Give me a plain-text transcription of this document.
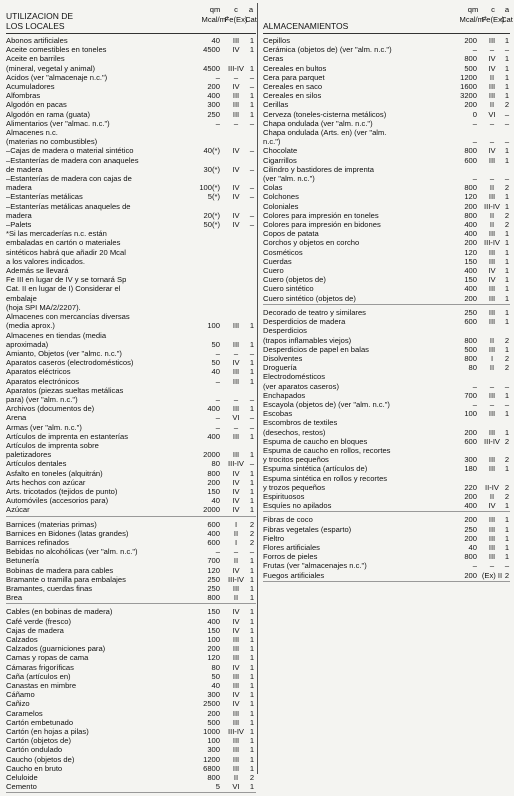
UTILIZACION DE
LOS LOCALES
qm
Mcal/m²
c
Fe(Ex)
a
Cat
Abonos artificiales	40	III	1
Aceite comestibles en toneles	4500	IV	1
Aceite en barriles
(mineral, vegetal y animal)	4500	III-IV 1
Acidos (ver "almacenaje n.c.")	–	–	–
Acumuladores	200	IV	–
Alfombras	400	III	1
Algodón en pacas	300	III	1
Algodón en rama (guata)	250	III	1
Alimentarios (ver "almac. n.c.")	–	–	–
Almacenes n.c.
(materias no combustibles)
–Cajas de madera o material sintético	40(*)	IV	–
–Estanterías de madera con anaqueles
de madera	30(*)	IV	–
–Estanterías de madera con cajas de
madera	100(*)	IV	–
–Estanterías metálicas	5(*)	IV	–
–Estanterías metálicas anaqueles de
madera	20(*)	IV	–
–Palets	50(*)	IV	–
*Si las mercaderías n.c. están
embaladas en cartón o materiales
sintéticos habrá que añadir 20 Mcal
a los valores indicados.
Además se llevará
Fe III en lugar de IV y se tornará Sp
Cat. II en lugar de I) Considerar el
embalaje
(hoja SPI MA/2/2207).
Almacenes con mercancías diversas
(media aprox.)	100	III	1
Almacenes en tiendas (media
aproximada)	50	III	1
Amianto, Objetos (ver "almc. n.c.")	–	–	–
Aparatos caseros (electrodomésticos)	50	IV	1
Aparatos eléctricos	40	III	1
Aparatos electrónicos	–	III	1
Aparatos (piezas sueltas metálicas
para) (ver "alm. n.c.")	–	–	–
Archivos (documentos de)	400	III	1
Arena	–	VI	–
Armas (ver "alm. n.c.")	–	–	–
Artículos de imprenta en estanterías	400	III	1
Artículos de imprenta sobre
paletizadores	2000	III	1
Artículos dentales	80	III-IV –
Asfalto en toneles (alquitrán)	800	IV	1
Arts hechos con azúcar	200	IV	1
Arts. tricotados (tejidos de punto)	150	IV	1
Automóviles (accesorios para)	40	IV	1
Azúcar	2000	IV	1
Barnices (materias primas)	600	I	2
Barnices en Bidones (latas grandes)	400	II	2
Barnices refinados	600	I	2
Bebidas no alcohólicas (ver "alm. n.c.")	–	–	–
Betunería	700	II	1
Bobinas de madera para cables	120	IV	1
Bramante o tramilla para embalajes	250	III-IV 1
Bramantes, cuerdas finas	250	III	1
Brea	800	II	1
Cables (en bobinas de madera)	150	IV	1
Café verde (fresco)	400	IV	1
Cajas de madera	150	IV	1
Calzados	100	III	1
Calzados (guarniciones para)	200	III	1
Camas y ropas de cama	120	III	1
Cámaras frigoríficas	80	IV	1
Caña (artículos en)	50	III	1
Canastas en mimbre	40	III	1
Cáñamo	300	IV	1
Cañizo	2500	IV	1
Caramelos	200	III	1
Cartón embetunado	500	III	1
Cartón (en hojas a pilas)	1000	III-IV 1
Cartón (objetos de)	100	III	1
Cartón ondulado	300	III	1
Caucho (objetos de)	1200	III	1
Caucho en bruto	6800	III	1
Celuloide	800	II	2
Cemento	5	VI	1
ALMACENAMIENTOS
qm
Mcal/m²
c
Fe(Ex)
a
Cat
Cepillos	200	III	1
Cerámica (objetos de) (ver "alm. n.c.")	–	–	–
Ceras	800	IV	1
Cereales en bultos	500	IV	1
Cera para parquet	1200	II	1
Cereales en saco	1600	III	1
Cereales en silos	3200	III	1
Cerillas	200	II	2
Cerveza (toneles-cisterna metálicos)	0	VI	–
Chapa ondulada (ver "alm. n.c.")	–	–	–
Chapa ondulada (Arts. en) (ver "alm.
n.c.")	–	–	–
Chocolate	800	IV	1
Cigarrillos	600	III	1
Cilindro y bastidores de imprenta
(ver "alm. n.c.")	–	–	–
Colas	800	II	2
Colchones	120	III	1
Coloniales	200 III-IV 1
Colores para impresión en toneles	800	II	2
Colores para impresión en bidones	400	II	2
Copos de patata	400	III	1
Corchos y objetos en corcho	200 III-IV 1
Cosméticos	120	III	1
Cuerdas	150	III	1
Cuero	400	IV	1
Cuero (objetos de)	150	IV	1
Cuero sintético	400	III	1
Cuero sintético (objetos de)	200	III	1
Decorado de teatro y similares	250	III	1
Desperdicios de madera	600	III	1
Desperdicios
(trapos inflamables viejos)	800	II	2
Desperdicios de papel en balas	500	III	1
Disolventes	800	I	2
Droguería	80	II	2
Electrodomésticos
(ver aparatos caseros)	–	–	–
Enchapados	700	III	1
Escayola (objetos de) (ver "alm. n.c.")	–	–	–
Escobas	100	III	1
Escombros de textiles
(desechos, restos)	200	III	1
Espuma de caucho en bloques	600 III-IV 2
Espuma de caucho en rollos, recortes
y trocitos pequeños	300	III	2
Espuma sintética (artículos de)	180	III	1
Espuma sintética en rollos y recortes
y trozos pequeños	220	II-IV 2
Espirituosos	200	II	2
Esquíes no apilados	400	IV	1
Fibras de coco	200	III	1
Fibras vegetales (esparto)	250	III	1
Fieltro	200	III	1
Flores artificiales	40	III	1
Forros de pieles	800	III	1
Frutas (ver "almacenajes n.c.")	–	–	–
Fuegos artificiales	200 (Ex) II 2
